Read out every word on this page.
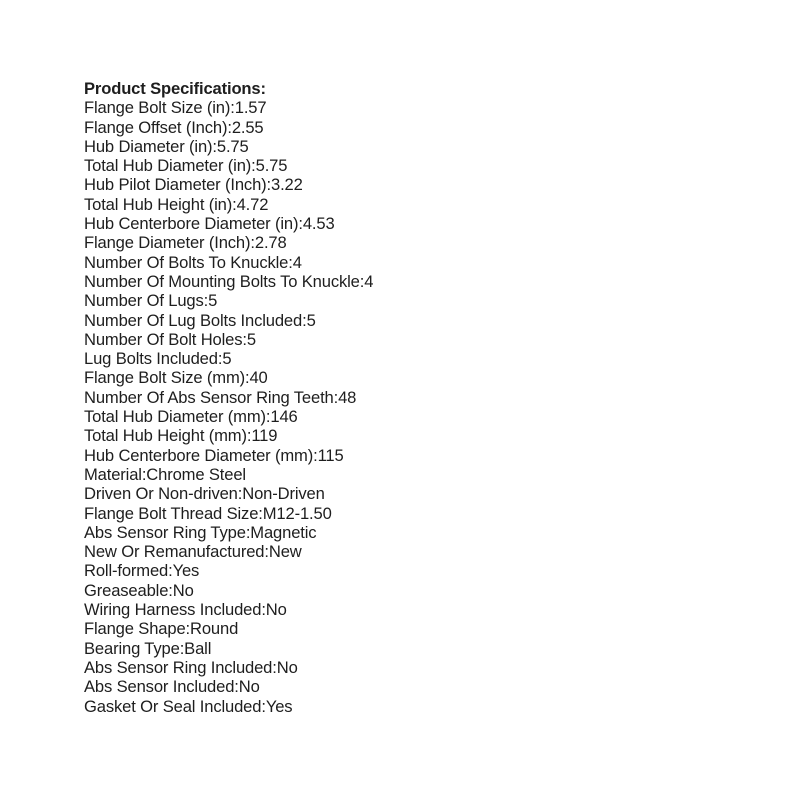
Product Specifications:
Flange Bolt Size (in):1.57
Flange Offset (Inch):2.55
Hub Diameter (in):5.75
Total Hub Diameter (in):5.75
Hub Pilot Diameter (Inch):3.22
Total Hub Height (in):4.72
Hub Centerbore Diameter (in):4.53
Flange Diameter (Inch):2.78
Number Of Bolts To Knuckle:4
Number Of Mounting Bolts To Knuckle:4
Number Of Lugs:5
Number Of Lug Bolts Included:5
Number Of Bolt Holes:5
Lug Bolts Included:5
Flange Bolt Size (mm):40
Number Of Abs Sensor Ring Teeth:48
Total Hub Diameter (mm):146
Total Hub Height (mm):119
Hub Centerbore Diameter (mm):115
Material:Chrome Steel
Driven Or Non-driven:Non-Driven
Flange Bolt Thread Size:M12-1.50
Abs Sensor Ring Type:Magnetic
New Or Remanufactured:New
Roll-formed:Yes
Greaseable:No
Wiring Harness Included:No
Flange Shape:Round
Bearing Type:Ball
Abs Sensor Ring Included:No
Abs Sensor Included:No
Gasket Or Seal Included:Yes
